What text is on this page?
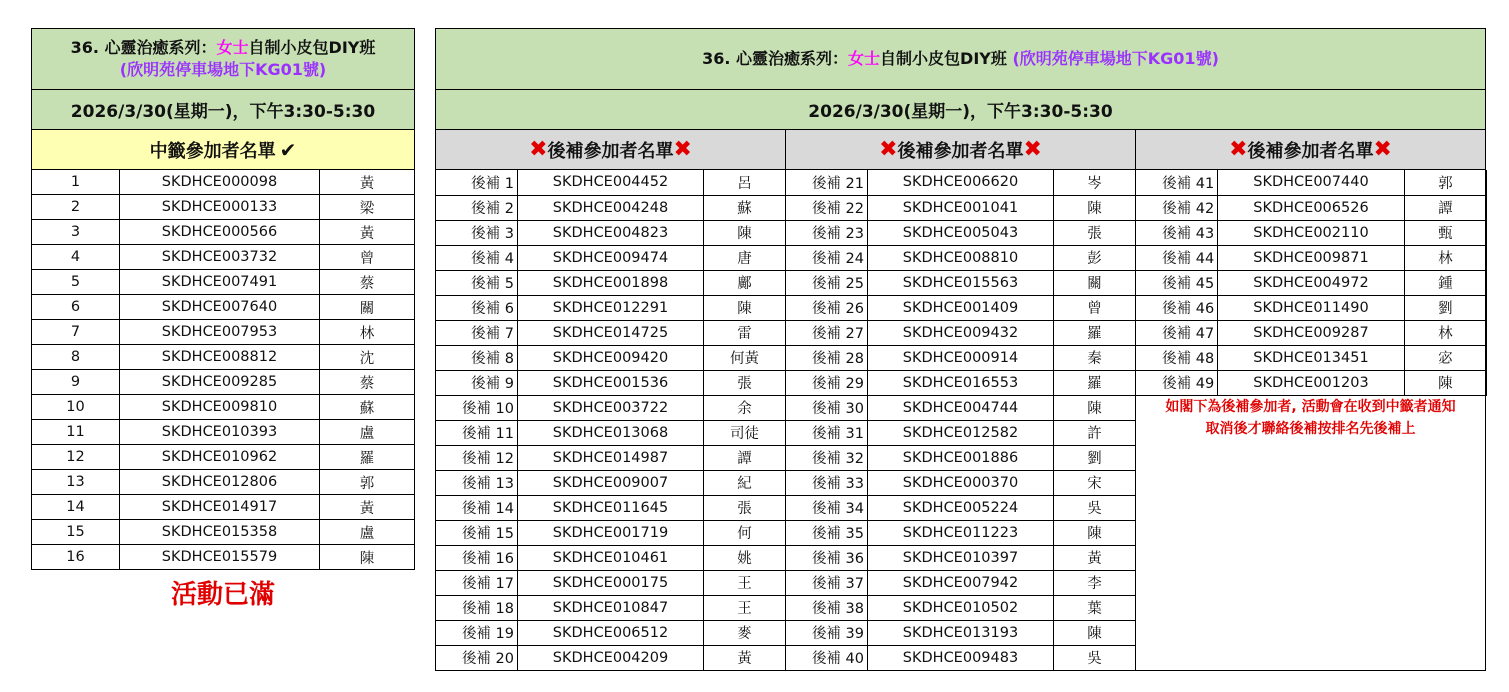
36. 心靈治癒系列：女士自制小皮包DIY班
(欣明苑停車場地下KG01號)
2026/3/30(星期一)，下午3:30-5:30
中籤參加者名單 ✔
1	SKDHCE000098	黃
2	SKDHCE000133	梁
3	SKDHCE000566	黃
4	SKDHCE003732	曾
5	SKDHCE007491	蔡
6	SKDHCE007640	關
7	SKDHCE007953	林
8	SKDHCE008812	沈
9	SKDHCE009285	蔡
10	SKDHCE009810	蘇
11	SKDHCE010393	盧
12	SKDHCE010962	羅
13	SKDHCE012806	郭
14	SKDHCE014917	黃
15	SKDHCE015358	盧
16	SKDHCE015579	陳
活動已滿
36. 心靈治癒系列：女士自制小皮包DIY班 (欣明苑停車場地下KG01號)
2026/3/30(星期一)，下午3:30-5:30
✖ 後補參加者名單 ✖	✖ 後補參加者名單 ✖	✖ 後補參加者名單 ✖
後補 1	SKDHCE004452	呂
後補 2	SKDHCE004248	蘇
後補 3	SKDHCE004823	陳
後補 4	SKDHCE009474	唐
後補 5	SKDHCE001898	鄺
後補 6	SKDHCE012291	陳
後補 7	SKDHCE014725	雷
後補 8	SKDHCE009420	何黃
後補 9	SKDHCE001536	張
後補 10	SKDHCE003722	余
後補 11	SKDHCE013068	司徒
後補 12	SKDHCE014987	譚
後補 13	SKDHCE009007	紀
後補 14	SKDHCE011645	張
後補 15	SKDHCE001719	何
後補 16	SKDHCE010461	姚
後補 17	SKDHCE000175	王
後補 18	SKDHCE010847	王
後補 19	SKDHCE006512	麥
後補 20	SKDHCE004209	黃
後補 21	SKDHCE006620	岑
後補 22	SKDHCE001041	陳
後補 23	SKDHCE005043	張
後補 24	SKDHCE008810	彭
後補 25	SKDHCE015563	關
後補 26	SKDHCE001409	曾
後補 27	SKDHCE009432	羅
後補 28	SKDHCE000914	秦
後補 29	SKDHCE016553	羅
後補 30	SKDHCE004744	陳
後補 31	SKDHCE012582	許
後補 32	SKDHCE001886	劉
後補 33	SKDHCE000370	宋
後補 34	SKDHCE005224	吳
後補 35	SKDHCE011223	陳
後補 36	SKDHCE010397	黃
後補 37	SKDHCE007942	李
後補 38	SKDHCE010502	葉
後補 39	SKDHCE013193	陳
後補 40	SKDHCE009483	吳
後補 41	SKDHCE007440	郭
後補 42	SKDHCE006526	譚
後補 43	SKDHCE002110	甄
後補 44	SKDHCE009871	林
後補 45	SKDHCE004972	鍾
後補 46	SKDHCE011490	劉
後補 47	SKDHCE009287	林
後補 48	SKDHCE013451	宓
後補 49	SKDHCE001203	陳
如閣下為後補參加者, 活動會在收到中籤者通知
取消後才聯絡後補按排名先後補上
